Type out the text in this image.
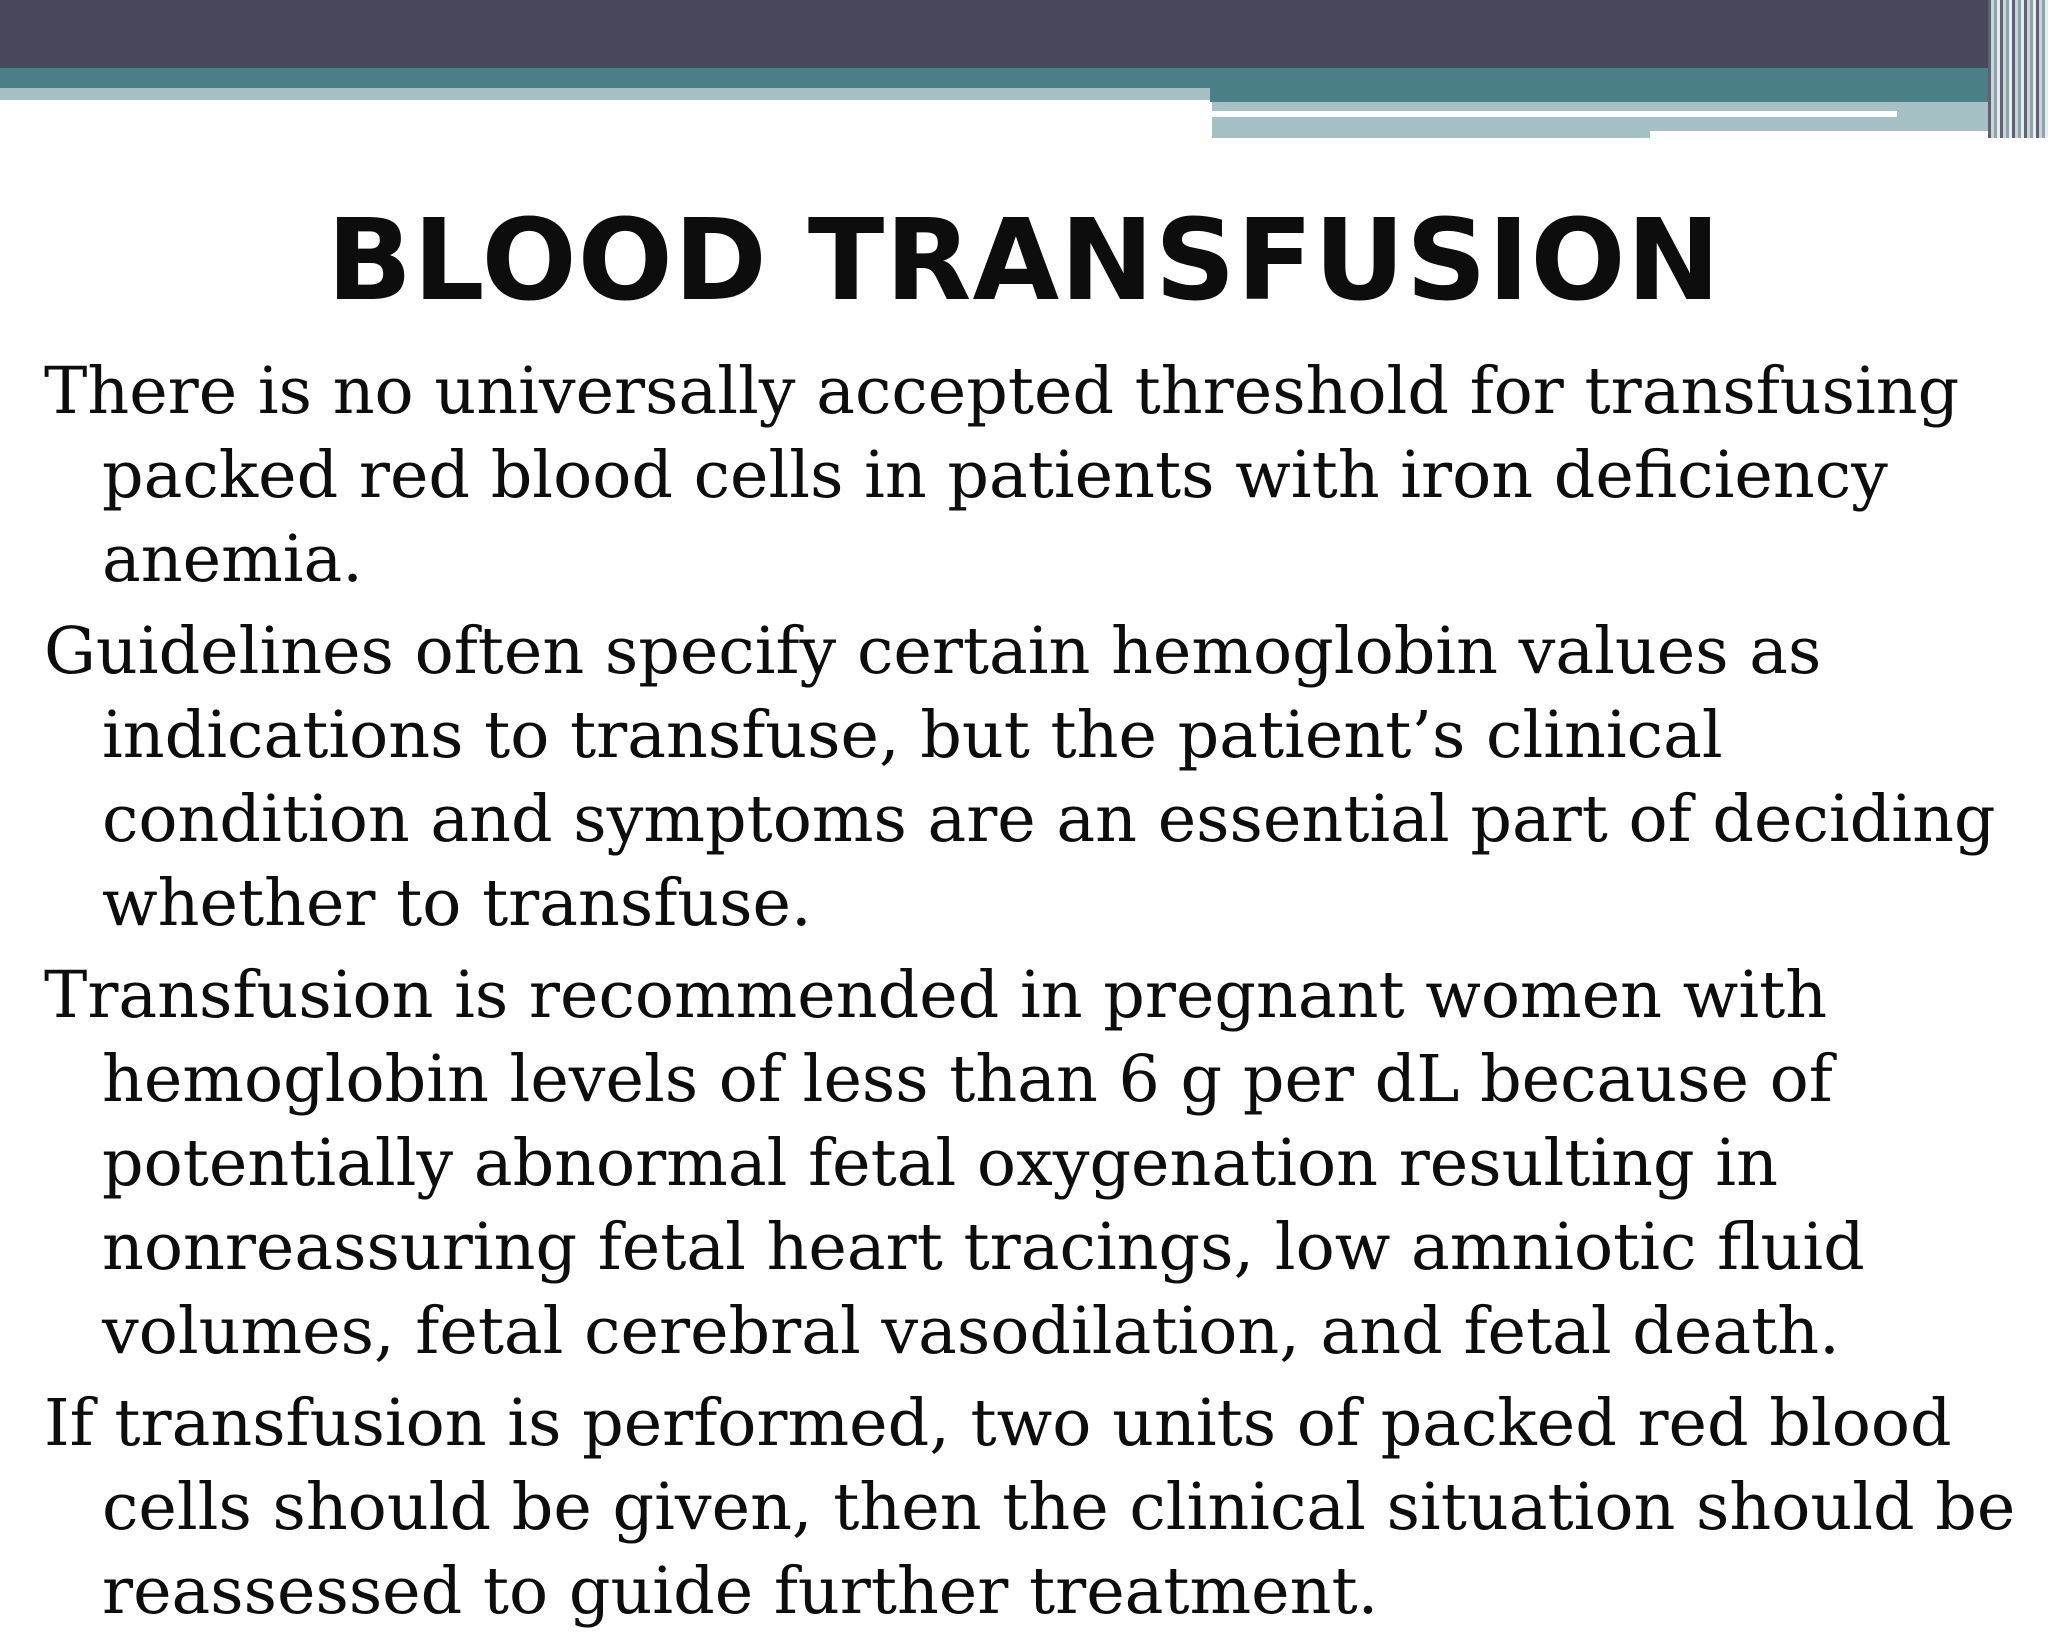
BLOOD TRANSFUSION

There is no universally accepted threshold for transfusing packed red blood cells in patients with iron deficiency anemia.

Guidelines often specify certain hemoglobin values as indications to transfuse, but the patient’s clinical condition and symptoms are an essential part of deciding whether to transfuse.

Transfusion is recommended in pregnant women with hemoglobin levels of less than 6 g per dL because of potentially abnormal fetal oxygenation resulting in nonreassuring fetal heart tracings, low amniotic fluid volumes, fetal cerebral vasodilation, and fetal death.

If transfusion is performed, two units of packed red blood cells should be given, then the clinical situation should be reassessed to guide further treatment.
